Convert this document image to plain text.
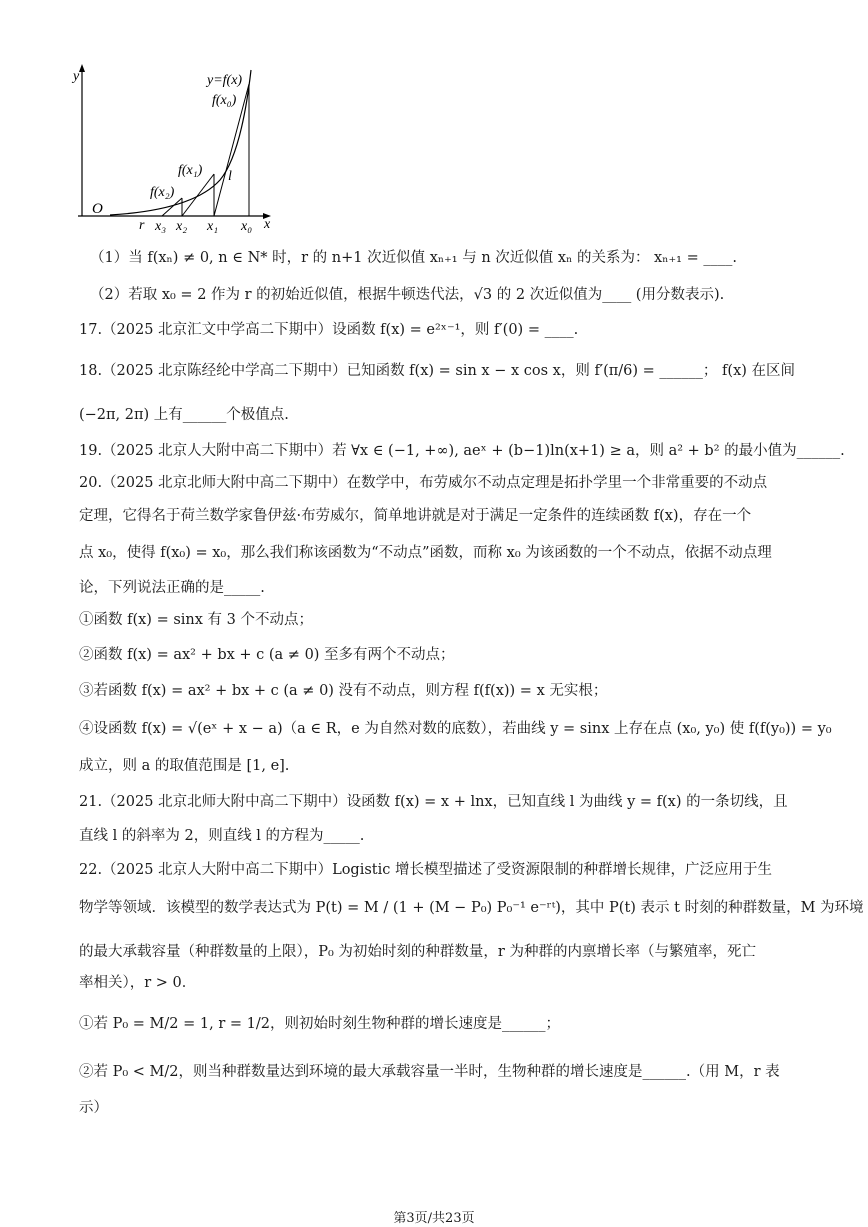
y	y=f(x)
f(x₀)
f(x₁) l
f(x₂)
O
r x₃ x₂ x₁ x₀ x
（1）当 f(xₙ) ≠ 0, n ∈ N* 时，r 的 n+1 次近似值 xₙ₊₁ 与 n 次近似值 xₙ 的关系为： xₙ₊₁ = ____.
（2）若取 x₀ = 2 作为 r 的初始近似值，根据牛顿迭代法，√3 的 2 次近似值为____ (用分数表示).
17.（2025 北京汇文中学高二下期中）设函数 f(x) = e²ˣ⁻¹，则 f′(0) = ____.
18.（2025 北京陈经纶中学高二下期中）已知函数 f(x) = sin x − x cos x，则 f′(π/6) = ______； f(x) 在区间
(−2π, 2π) 上有______个极值点.
19.（2025 北京人大附中高二下期中）若 ∀x ∈ (−1, +∞), aeˣ + (b−1)ln(x+1) ≥ a，则 a² + b² 的最小值为______.
20.（2025 北京北师大附中高二下期中）在数学中，布劳威尔不动点定理是拓扑学里一个非常重要的不动点
定理，它得名于荷兰数学家鲁伊兹·布劳威尔，简单地讲就是对于满足一定条件的连续函数 f(x)，存在一个
点 x₀，使得 f(x₀) = x₀，那么我们称该函数为“不动点”函数，而称 x₀ 为该函数的一个不动点，依据不动点理
论，下列说法正确的是_____.
①函数 f(x) = sinx 有 3 个不动点；
②函数 f(x) = ax² + bx + c (a ≠ 0) 至多有两个不动点；
③若函数 f(x) = ax² + bx + c (a ≠ 0) 没有不动点，则方程 f(f(x)) = x 无实根；
④设函数 f(x) = √(eˣ + x − a)（a ∈ R，e 为自然对数的底数），若曲线 y = sinx 上存在点 (x₀, y₀) 使 f(f(y₀)) = y₀
成立，则 a 的取值范围是 [1, e].
21.（2025 北京北师大附中高二下期中）设函数 f(x) = x + lnx，已知直线 l 为曲线 y = f(x) 的一条切线，且
直线 l 的斜率为 2，则直线 l 的方程为_____.
22.（2025 北京人大附中高二下期中）Logistic 增长模型描述了受资源限制的种群增长规律，广泛应用于生
物学等领域．该模型的数学表达式为 P(t) = M / (1 + (M − P₀) P₀⁻¹ e⁻ʳᵗ)，其中 P(t) 表示 t 时刻的种群数量，M 为环境
的最大承载容量（种群数量的上限），P₀ 为初始时刻的种群数量，r 为种群的内禀增长率（与繁殖率，死亡
率相关），r > 0．
①若 P₀ = M/2 = 1, r = 1/2，则初始时刻生物种群的增长速度是______；
②若 P₀ < M/2，则当种群数量达到环境的最大承载容量一半时，生物种群的增长速度是______.（用 M，r 表
示）
第3页/共23页
